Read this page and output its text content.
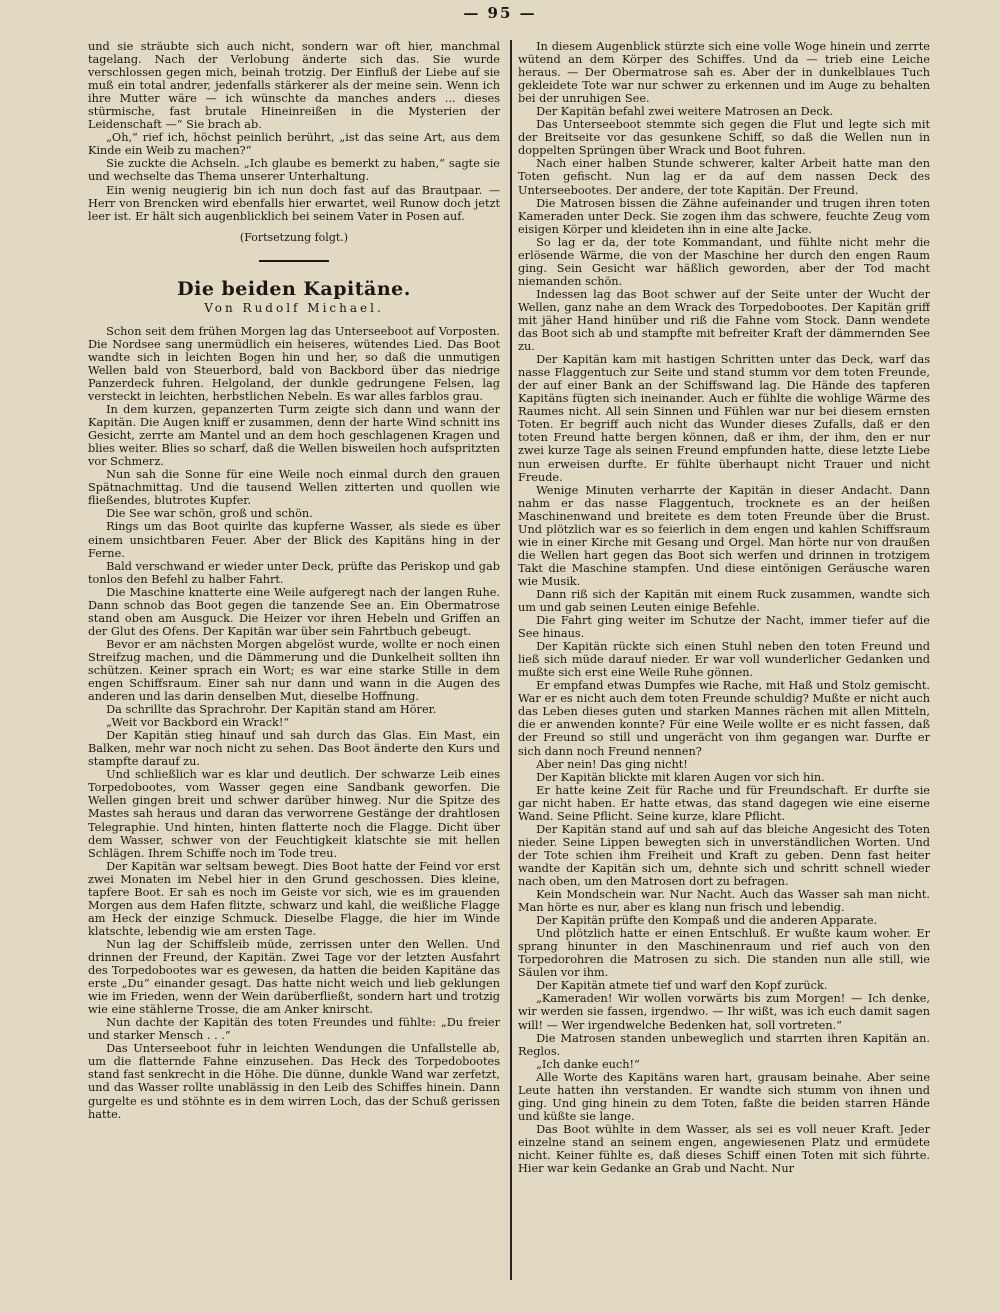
— 95 —

und sie sträubte sich auch nicht, sondern war oft hier, manchmal tagelang. Nach der Verlobung änderte sich das. Sie wurde verschlossen gegen mich, beinah trotzig. Der Einfluß der Liebe auf sie muß ein total andrer, jedenfalls stärkerer als der meine sein. Wenn ich ihre Mutter wäre — ich wünschte da manches anders ... dieses stürmische, fast brutale Hineinreißen in die Mysterien der Leidenschaft —“ Sie brach ab.

„Oh,“ rief ich, höchst peinlich berührt, „ist das seine Art, aus dem Kinde ein Weib zu machen?“

Sie zuckte die Achseln. „Ich glaube es bemerkt zu haben,“ sagte sie und wechselte das Thema unserer Unterhaltung.

Ein wenig neugierig bin ich nun doch fast auf das Brautpaar. — Herr von Brencken wird ebenfalls hier erwartet, weil Runow doch jetzt leer ist. Er hält sich augenblicklich bei seinem Vater in Posen auf.

(Fortsetzung folgt.)

Die beiden Kapitäne.
Von Rudolf Michael.

Schon seit dem frühen Morgen lag das Unterseeboot auf Vorposten. Die Nordsee sang unermüdlich ein heiseres, wütendes Lied. Das Boot wandte sich in leichten Bogen hin und her, so daß die unmutigen Wellen bald von Steuerbord, bald von Backbord über das niedrige Panzerdeck fuhren. Helgoland, der dunkle gedrungene Felsen, lag versteckt in leichten, herbstlichen Nebeln. Es war alles farblos grau.

In dem kurzen, gepanzerten Turm zeigte sich dann und wann der Kapitän. Die Augen kniff er zusammen, denn der harte Wind schnitt ins Gesicht, zerrte am Mantel und an dem hoch geschlagenen Kragen und blies weiter. Blies so scharf, daß die Wellen bisweilen hoch aufspritzten vor Schmerz.

Nun sah die Sonne für eine Weile noch einmal durch den grauen Spätnachmittag. Und die tausend Wellen zitterten und quollen wie fließendes, blutrotes Kupfer.

Die See war schön, groß und schön.

Rings um das Boot quirlte das kupferne Wasser, als siede es über einem unsichtbaren Feuer. Aber der Blick des Kapitäns hing in der Ferne.

Bald verschwand er wieder unter Deck, prüfte das Periskop und gab tonlos den Befehl zu halber Fahrt.

Die Maschine knatterte eine Weile aufgeregt nach der langen Ruhe. Dann schnob das Boot gegen die tanzende See an. Ein Obermatrose stand oben am Ausguck. Die Heizer vor ihren Hebeln und Griffen an der Glut des Ofens. Der Kapitän war über sein Fahrtbuch gebeugt.

Bevor er am nächsten Morgen abgelöst wurde, wollte er noch einen Streifzug machen, und die Dämmerung und die Dunkelheit sollten ihn schützen. Keiner sprach ein Wort; es war eine starke Stille in dem engen Schiffsraum. Einer sah nur dann und wann in die Augen des anderen und las darin denselben Mut, dieselbe Hoffnung.

Da schrillte das Sprachrohr. Der Kapitän stand am Hörer.

„Weit vor Backbord ein Wrack!“

Der Kapitän stieg hinauf und sah durch das Glas. Ein Mast, ein Balken, mehr war noch nicht zu sehen. Das Boot änderte den Kurs und stampfte darauf zu.

Und schließlich war es klar und deutlich. Der schwarze Leib eines Torpedobootes, vom Wasser gegen eine Sandbank geworfen. Die Wellen gingen breit und schwer darüber hinweg. Nur die Spitze des Mastes sah heraus und daran das verworrene Gestänge der drahtlosen Telegraphie. Und hinten, hinten flatterte noch die Flagge. Dicht über dem Wasser, schwer von der Feuchtigkeit klatschte sie mit hellen Schlägen. Ihrem Schiffe noch im Tode treu.

Der Kapitän war seltsam bewegt. Dies Boot hatte der Feind vor erst zwei Monaten im Nebel hier in den Grund geschossen. Dies kleine, tapfere Boot. Er sah es noch im Geiste vor sich, wie es im grauenden Morgen aus dem Hafen flitzte, schwarz und kahl, die weißliche Flagge am Heck der einzige Schmuck. Dieselbe Flagge, die hier im Winde klatschte, lebendig wie am ersten Tage.

Nun lag der Schiffsleib müde, zerrissen unter den Wellen. Und drinnen der Freund, der Kapitän. Zwei Tage vor der letzten Ausfahrt des Torpedobootes war es gewesen, da hatten die beiden Kapitäne das erste „Du“ einander gesagt. Das hatte nicht weich und lieb geklungen wie im Frieden, wenn der Wein darüberfließt, sondern hart und trotzig wie eine stählerne Trosse, die am Anker knirscht.

Nun dachte der Kapitän des toten Freundes und fühlte: „Du freier und starker Mensch . . .“

Das Unterseeboot fuhr in leichten Wendungen die Unfallstelle ab, um die flatternde Fahne einzusehen. Das Heck des Torpedobootes stand fast senkrecht in die Höhe. Die dünne, dunkle Wand war zerfetzt, und das Wasser rollte unablässig in den Leib des Schiffes hinein. Dann gurgelte es und stöhnte es in dem wirren Loch, das der Schuß gerissen hatte.

In diesem Augenblick stürzte sich eine volle Woge hinein und zerrte wütend an dem Körper des Schiffes. Und da — trieb eine Leiche heraus. — Der Obermatrose sah es. Aber der in dunkelblaues Tuch gekleidete Tote war nur schwer zu erkennen und im Auge zu behalten bei der unruhigen See.

Der Kapitän befahl zwei weitere Matrosen an Deck.

Das Unterseeboot stemmte sich gegen die Flut und legte sich mit der Breitseite vor das gesunkene Schiff, so daß die Wellen nun in doppelten Sprüngen über Wrack und Boot fuhren.

Nach einer halben Stunde schwerer, kalter Arbeit hatte man den Toten gefischt. Nun lag er da auf dem nassen Deck des Unterseebootes. Der andere, der tote Kapitän. Der Freund.

Die Matrosen bissen die Zähne aufeinander und trugen ihren toten Kameraden unter Deck. Sie zogen ihm das schwere, feuchte Zeug vom eisigen Körper und kleideten ihn in eine alte Jacke.

So lag er da, der tote Kommandant, und fühlte nicht mehr die erlösende Wärme, die von der Maschine her durch den engen Raum ging. Sein Gesicht war häßlich geworden, aber der Tod macht niemanden schön.

Indessen lag das Boot schwer auf der Seite unter der Wucht der Wellen, ganz nahe an dem Wrack des Torpedobootes. Der Kapitän griff mit jäher Hand hinüber und riß die Fahne vom Stock. Dann wendete das Boot sich ab und stampfte mit befreiter Kraft der dämmernden See zu.

Der Kapitän kam mit hastigen Schritten unter das Deck, warf das nasse Flaggentuch zur Seite und stand stumm vor dem toten Freunde, der auf einer Bank an der Schiffswand lag. Die Hände des tapferen Kapitäns fügten sich ineinander. Auch er fühlte die wohlige Wärme des Raumes nicht. All sein Sinnen und Fühlen war nur bei diesem ernsten Toten. Er begriff auch nicht das Wunder dieses Zufalls, daß er den toten Freund hatte bergen können, daß er ihm, der ihm, den er nur zwei kurze Tage als seinen Freund empfunden hatte, diese letzte Liebe nun erweisen durfte. Er fühlte überhaupt nicht Trauer und nicht Freude.

Wenige Minuten verharrte der Kapitän in dieser Andacht. Dann nahm er das nasse Flaggentuch, trocknete es an der heißen Maschinenwand und breitete es dem toten Freunde über die Brust. Und plötzlich war es so feierlich in dem engen und kahlen Schiffsraum wie in einer Kirche mit Gesang und Orgel. Man hörte nur von draußen die Wellen hart gegen das Boot sich werfen und drinnen in trotzigem Takt die Maschine stampfen. Und diese eintönigen Geräusche waren wie Musik.

Dann riß sich der Kapitän mit einem Ruck zusammen, wandte sich um und gab seinen Leuten einige Befehle.

Die Fahrt ging weiter im Schutze der Nacht, immer tiefer auf die See hinaus.

Der Kapitän rückte sich einen Stuhl neben den toten Freund und ließ sich müde darauf nieder. Er war voll wunderlicher Gedanken und mußte sich erst eine Weile Ruhe gönnen.

Er empfand etwas Dumpfes wie Rache, mit Haß und Stolz gemischt. War er es nicht auch dem toten Freunde schuldig? Mußte er nicht auch das Leben dieses guten und starken Mannes rächen mit allen Mitteln, die er anwenden konnte? Für eine Weile wollte er es nicht fassen, daß der Freund so still und ungerächt von ihm gegangen war. Durfte er sich dann noch Freund nennen?

Aber nein! Das ging nicht!

Der Kapitän blickte mit klaren Augen vor sich hin.

Er hatte keine Zeit für Rache und für Freundschaft. Er durfte sie gar nicht haben. Er hatte etwas, das stand dagegen wie eine eiserne Wand. Seine Pflicht. Seine kurze, klare Pflicht.

Der Kapitän stand auf und sah auf das bleiche Angesicht des Toten nieder. Seine Lippen bewegten sich in unverständlichen Worten. Und der Tote schien ihm Freiheit und Kraft zu geben. Denn fast heiter wandte der Kapitän sich um, dehnte sich und schritt schnell wieder nach oben, um den Matrosen dort zu befragen.

Kein Mondschein war. Nur Nacht. Auch das Wasser sah man nicht. Man hörte es nur, aber es klang nun frisch und lebendig.

Der Kapitän prüfte den Kompaß und die anderen Apparate.

Und plötzlich hatte er einen Entschluß. Er wußte kaum woher. Er sprang hinunter in den Maschinenraum und rief auch von den Torpedorohren die Matrosen zu sich. Die standen nun alle still, wie Säulen vor ihm.

Der Kapitän atmete tief und warf den Kopf zurück.

„Kameraden! Wir wollen vorwärts bis zum Morgen! — Ich denke, wir werden sie fassen, irgendwo. — Ihr wißt, was ich euch damit sagen will! — Wer irgendwelche Bedenken hat, soll vortreten.“

Die Matrosen standen unbeweglich und starrten ihren Kapitän an. Reglos.

„Ich danke euch!“

Alle Worte des Kapitäns waren hart, grausam beinahe. Aber seine Leute hatten ihn verstanden. Er wandte sich stumm von ihnen und ging. Und ging hinein zu dem Toten, faßte die beiden starren Hände und küßte sie lange.

Das Boot wühlte in dem Wasser, als sei es voll neuer Kraft. Jeder einzelne stand an seinem engen, angewiesenen Platz und ermüdete nicht. Keiner fühlte es, daß dieses Schiff einen Toten mit sich führte. Hier war kein Gedanke an Grab und Nacht. Nur
